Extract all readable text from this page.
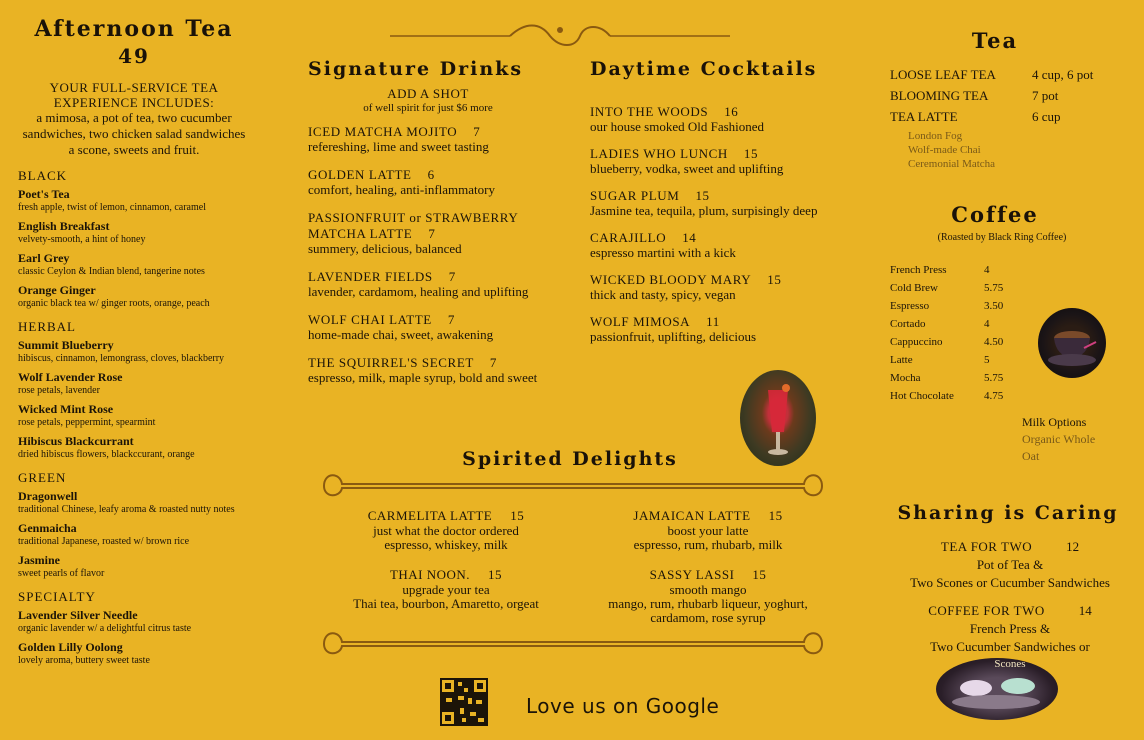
Afternoon Tea
49
YOUR FULL-SERVICE TEA EXPERIENCE INCLUDES:
a mimosa, a pot of tea, two cucumber sandwiches, two chicken salad sandwiches
a scone, sweets and fruit.
BLACK
Poet's Tea
fresh apple, twist of lemon, cinnamon, caramel
English Breakfast
velvety-smooth, a hint of honey
Earl Grey
classic Ceylon & Indian blend, tangerine notes
Orange Ginger
organic black tea w/ ginger roots, orange, peach
HERBAL
Summit Blueberry
hibiscus, cinnamon, lemongrass, cloves, blackberry
Wolf Lavender Rose
rose petals, lavender
Wicked Mint Rose
rose petals, peppermint, spearmint
Hibiscus Blackcurrant
dried hibiscus flowers, blackccurant, orange
GREEN
Dragonwell
traditional Chinese, leafy aroma & roasted nutty notes
Genmaicha
traditional Japanese, roasted w/ brown rice
Jasmine
sweet pearls of flavor
SPECIALTY
Lavender Silver Needle
organic lavender w/ a delightful citrus taste
Golden Lilly Oolong
lovely aroma, buttery sweet taste
Signature Drinks
ADD A SHOT
of well spirit for just $6 more
ICED MATCHA MOJITO 7
refereshing, lime and sweet tasting
GOLDEN LATTE 6
comfort, healing, anti-inflammatory
PASSIONFRUIT or STRAWBERRY MATCHA LATTE 7
summery, delicious, balanced
LAVENDER FIELDS 7
lavender, cardamom, healing and uplifting
WOLF CHAI LATTE 7
home-made chai, sweet, awakening
THE SQUIRREL'S SECRET 7
espresso, milk, maple syrup, bold and sweet
Daytime Cocktails
INTO THE WOODS 16
our house smoked Old Fashioned
LADIES WHO LUNCH 15
blueberry, vodka, sweet and uplifting
SUGAR PLUM 15
Jasmine tea, tequila, plum, surpisingly deep
CARAJILLO 14
espresso martini with a kick
WICKED BLOODY MARY 15
thick and tasty, spicy, vegan
WOLF MIMOSA 11
passionfruit, uplifting, delicious
Spirited Delights
CARMELITA LATTE 15
just what the doctor ordered
espresso, whiskey, milk
JAMAICAN LATTE 15
boost your latte
espresso, rum, rhubarb, milk
THAI NOON. 15
upgrade your tea
Thai tea, bourbon, Amaretto, orgeat
SASSY LASSI 15
smooth mango
mango, rum, rhubarb liqueur, yoghurt, cardamom, rose syrup
Love us on Google
Tea
LOOSE LEAF TEA	4 cup, 6 pot
BLOOMING TEA	7 pot
TEA LATTE	6 cup
London Fog
Wolf-made Chai
Ceremonial Matcha
Coffee
(Roasted by Black Ring Coffee)
French Press	4
Cold Brew	5.75
Espresso	3.50
Cortado	4
Cappuccino	4.50
Latte	5
Mocha	5.75
Hot Chocolate	4.75
Milk Options
Organic Whole
Oat
Sharing is Caring
TEA FOR TWO	12
Pot of Tea &
Two Scones or Cucumber Sandwiches
COFFEE FOR TWO	14
French Press &
Two Cucumber Sandwiches or
Scones
